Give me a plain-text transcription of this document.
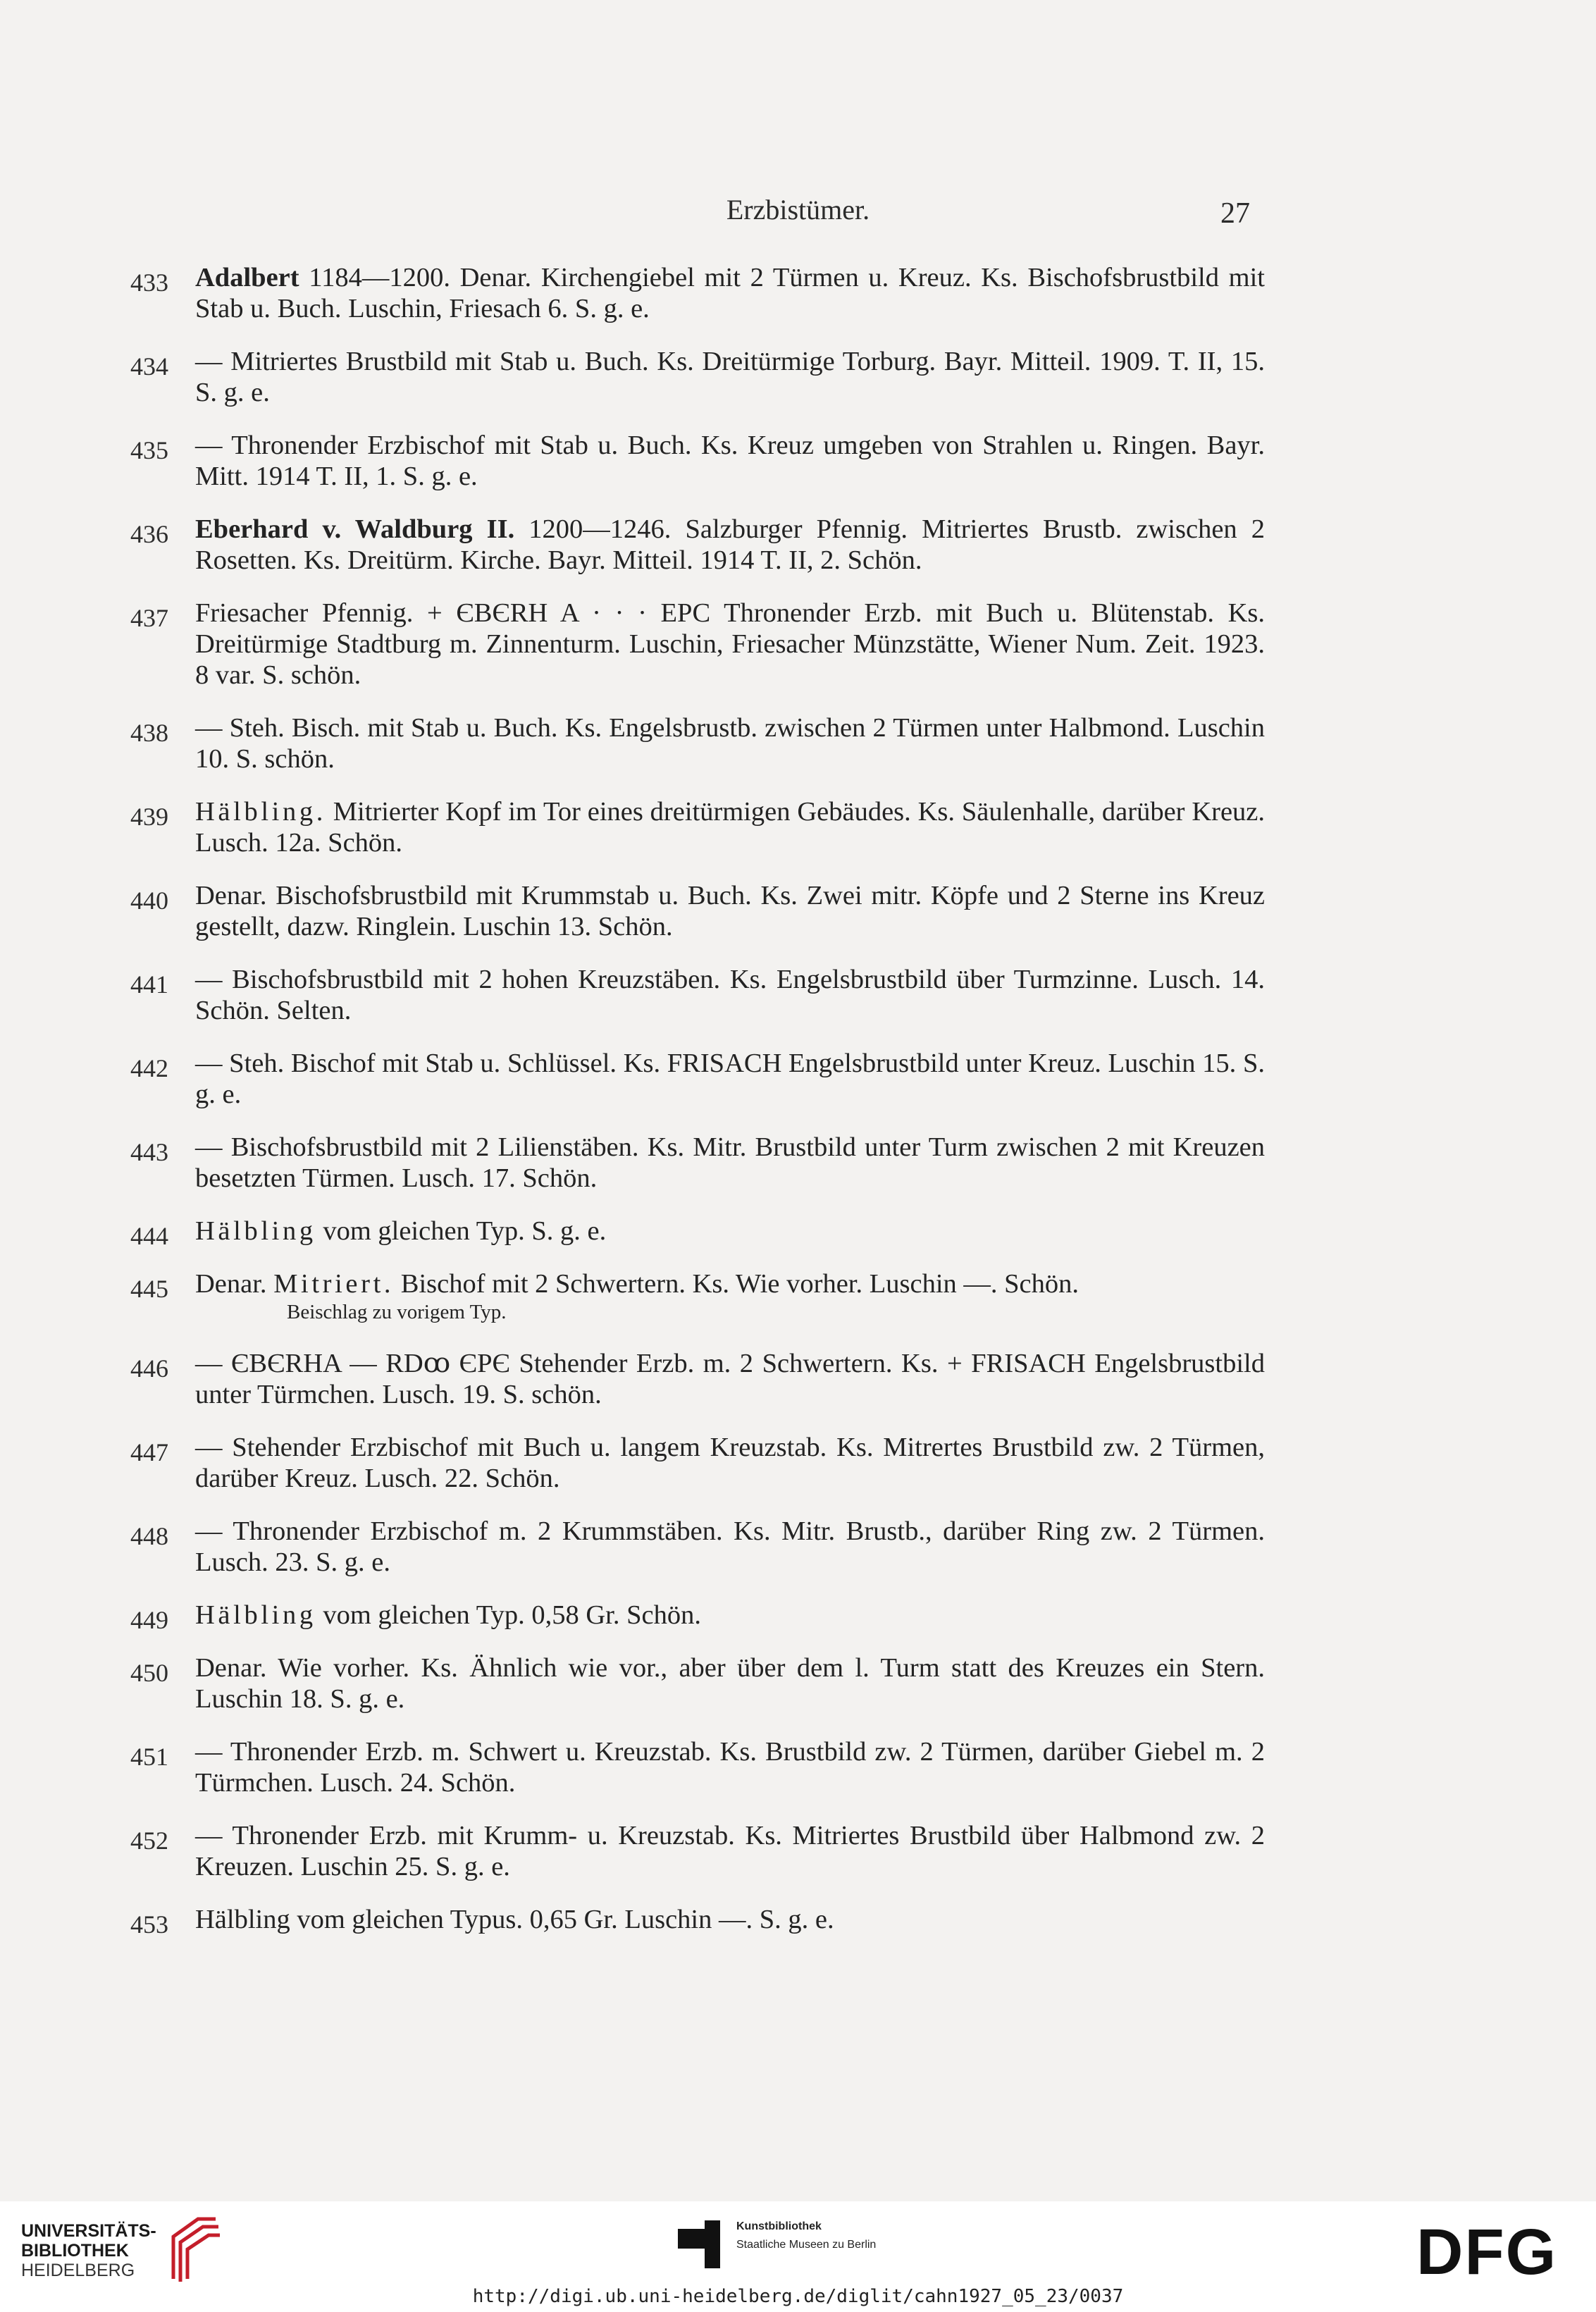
Erzbistümer.	27
433 Adalbert 1184—1200. Denar. Kirchengiebel mit 2 Türmen u. Kreuz. Ks. Bischofsbrustbild mit Stab u. Buch. Luschin, Friesach 6. S. g. e.
434 — Mitriertes Brustbild mit Stab u. Buch. Ks. Dreitürmige Torburg. Bayr. Mitteil. 1909. T. II, 15. S. g. e.
435 — Thronender Erzbischof mit Stab u. Buch. Ks. Kreuz umgeben von Strahlen u. Ringen. Bayr. Mitt. 1914 T. II, 1. S. g. e.
436 Eberhard v. Waldburg II. 1200—1246. Salzburger Pfennig. Mitriertes Brustb. zwischen 2 Rosetten. Ks. Dreitürm. Kirche. Bayr. Mitteil. 1914 T. II, 2. Schön.
437 Friesacher Pfennig. + ЄBЄRH A · · · EPC Thronender Erzb. mit Buch u. Blütenstab. Ks. Dreitürmige Stadtburg m. Zinnenturm. Luschin, Friesacher Münzstätte, Wiener Num. Zeit. 1923. 8 var. S. schön.
438 — Steh. Bisch. mit Stab u. Buch. Ks. Engelsbrustb. zwischen 2 Türmen unter Halbmond. Luschin 10. S. schön.
439 Hälbling. Mitrierter Kopf im Tor eines dreitürmigen Gebäudes. Ks. Säulenhalle, darüber Kreuz. Lusch. 12a. Schön.
440 Denar. Bischofsbrustbild mit Krummstab u. Buch. Ks. Zwei mitr. Köpfe und 2 Sterne ins Kreuz gestellt, dazw. Ringlein. Luschin 13. Schön.
441 — Bischofsbrustbild mit 2 hohen Kreuzstäben. Ks. Engelsbrustbild über Turmzinne. Lusch. 14. Schön. Selten.
442 — Steh. Bischof mit Stab u. Schlüssel. Ks. FRISACH Engelsbrustbild unter Kreuz. Luschin 15. S. g. e.
443 — Bischofsbrustbild mit 2 Lilienstäben. Ks. Mitr. Brustbild unter Turm zwischen 2 mit Kreuzen besetzten Türmen. Lusch. 17. Schön.
444 Hälbling vom gleichen Typ. S. g. e.
445 Denar. Mitriert. Bischof mit 2 Schwertern. Ks. Wie vorher. Luschin —. Schön.
Beischlag zu vorigem Typ.
446 — ЄBЄRHA — RDꝏ ЄPЄ Stehender Erzb. m. 2 Schwertern. Ks. + FRISACH Engelsbrustbild unter Türmchen. Lusch. 19. S. schön.
447 — Stehender Erzbischof mit Buch u. langem Kreuzstab. Ks. Mitrertes Brustbild zw. 2 Türmen, darüber Kreuz. Lusch. 22. Schön.
448 — Thronender Erzbischof m. 2 Krummstäben. Ks. Mitr. Brustb., darüber Ring zw. 2 Türmen. Lusch. 23. S. g. e.
449 Hälbling vom gleichen Typ. 0,58 Gr. Schön.
450 Denar. Wie vorher. Ks. Ähnlich wie vor., aber über dem l. Turm statt des Kreuzes ein Stern. Luschin 18. S. g. e.
451 — Thronender Erzb. m. Schwert u. Kreuzstab. Ks. Brustbild zw. 2 Türmen, darüber Giebel m. 2 Türmchen. Lusch. 24. Schön.
452 — Thronender Erzb. mit Krumm- u. Kreuzstab. Ks. Mitriertes Brustbild über Halbmond zw. 2 Kreuzen. Luschin 25. S. g. e.
453 Hälbling vom gleichen Typus. 0,65 Gr. Luschin —. S. g. e.
UNIVERSITÄTS-
BIBLIOTHEK
HEIDELBERG
Kunstbibliothek
Staatliche Museen zu Berlin	DFG
http://digi.ub.uni-heidelberg.de/diglit/cahn1927_05_23/0037
